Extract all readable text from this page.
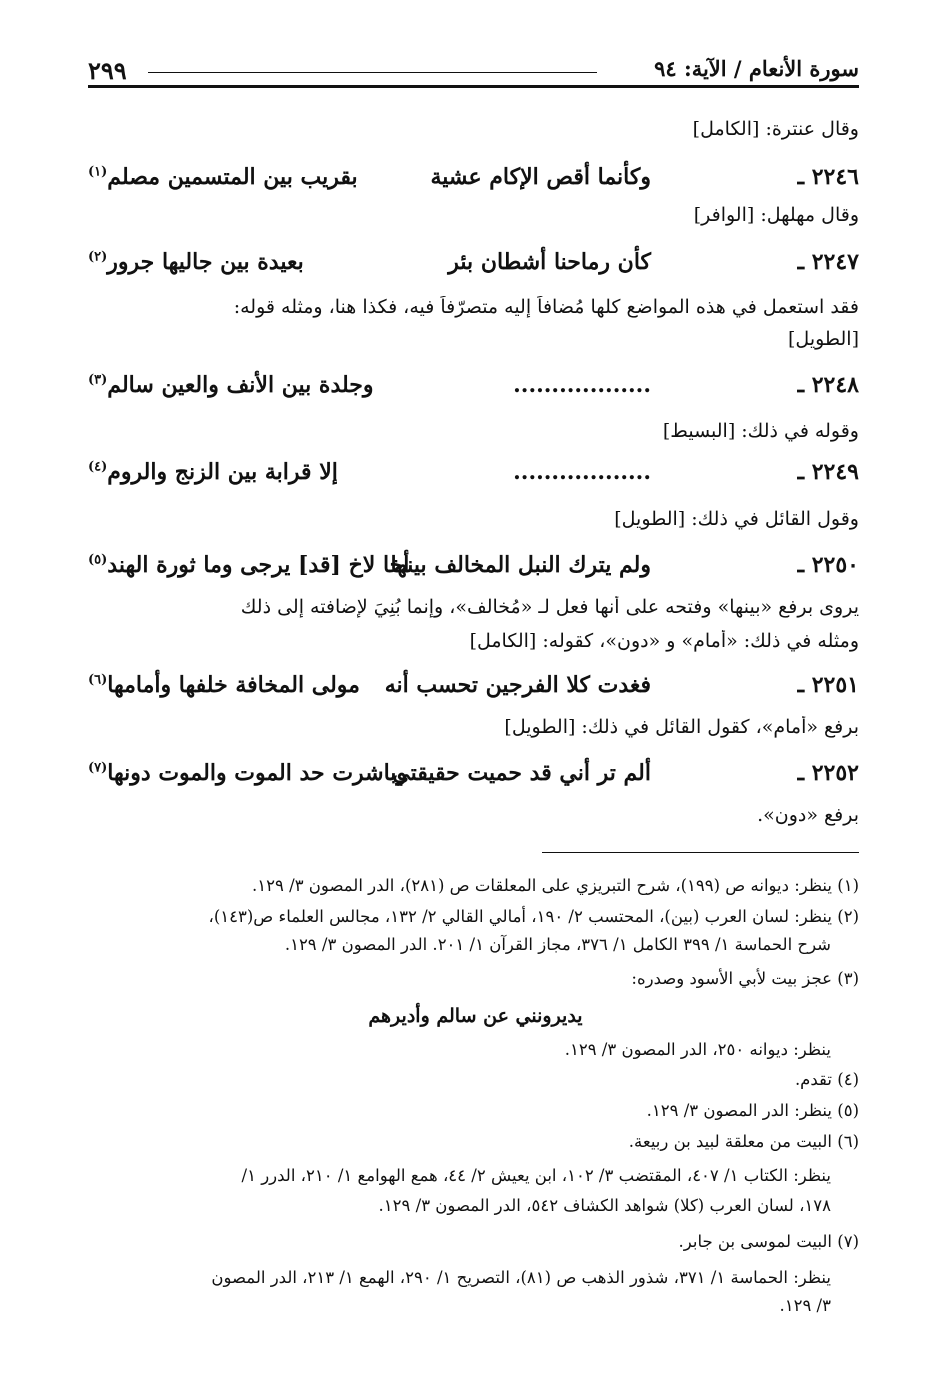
سورة الأنعام / الآية: ٩٤
٢٩٩
وقال عنترة: [الكامل]
٢٢٤٦ ـ
وكأنما أقص الإكام عشية
بقريب بين المتسمين مصلم$^{(١)}$
وقال مهلهل: [الوافر]
٢٢٤٧ ـ
كأن رماحنا أشطان بئر
بعيدة بين جاليها جرور$^{(٢)}$
فقد استعمل في هذه المواضع كلها مُضافاً إليه متصرّفاً فيه، فكذا هنا، ومثله قوله:
[الطويل]
٢٢٤٨ ـ
..................
وجلدة بين الأنف والعين سالم$^{(٣)}$
وقوله في ذلك: [البسيط]
٢٢٤٩ ـ
..................
إلا قرابة بين الزنج والروم$^{(٤)}$
وقول القائل في ذلك: [الطويل]
٢٢٥٠ ـ
ولم يترك النبل المخالف بينها
أخا لاخ [قد] يرجى وما ثورة الهند$^{(٥)}$
يروى برفع «بينها» وفتحه على أنها فعل لـ «مُخالف»، وإنما بُنِيَ لإضافته إلى ذلك
ومثله في ذلك: «أمام» و «دون»، كقوله: [الكامل]
٢٢٥١ ـ
فغدت كلا الفرجين تحسب أنه
مولى المخافة خلفها وأمامها$^{(٦)}$
برفع «أمام»، كقول القائل في ذلك: [الطويل]
٢٢٥٢ ـ
ألم تر أني قد حميت حقيقتي
وباشرت حد الموت والموت دونها$^{(٧)}$
برفع «دون».
(١) ينظر: ديوانه ص (١٩٩)، شرح التبريزي على المعلقات ص (٢٨١)، الدر المصون ٣/ ١٢٩.
(٢) ينظر: لسان العرب (بين)، المحتسب ٢/ ١٩٠، أمالي القالي ٢/ ١٣٢، مجالس العلماء ص(١٤٣)،
شرح الحماسة ١/ ٣٩٩ الكامل ١/ ٣٧٦، مجاز القرآن ١/ ٢٠١. الدر المصون ٣/ ١٢٩.
(٣) عجز بيت لأبي الأسود وصدره:
يديرونني عن سالم وأديرهم
ينظر: ديوانه ٢٥٠، الدر المصون ٣/ ١٢٩.
(٤) تقدم.
(٥) ينظر: الدر المصون ٣/ ١٢٩.
(٦) البيت من معلقة لبيد بن ربيعة.
ينظر: الكتاب ١/ ٤٠٧، المقتضب ٣/ ١٠٢، ابن يعيش ٢/ ٤٤، همع الهوامع ١/ ٢١٠، الدرر ١/
١٧٨، لسان العرب (كلا) شواهد الكشاف ٥٤٢، الدر المصون ٣/ ١٢٩.
(٧) البيت لموسى بن جابر.
ينظر: الحماسة ١/ ٣٧١، شذور الذهب ص (٨١)، التصريح ١/ ٢٩٠، الهمع ١/ ٢١٣، الدر المصون
٣/ ١٢٩.
